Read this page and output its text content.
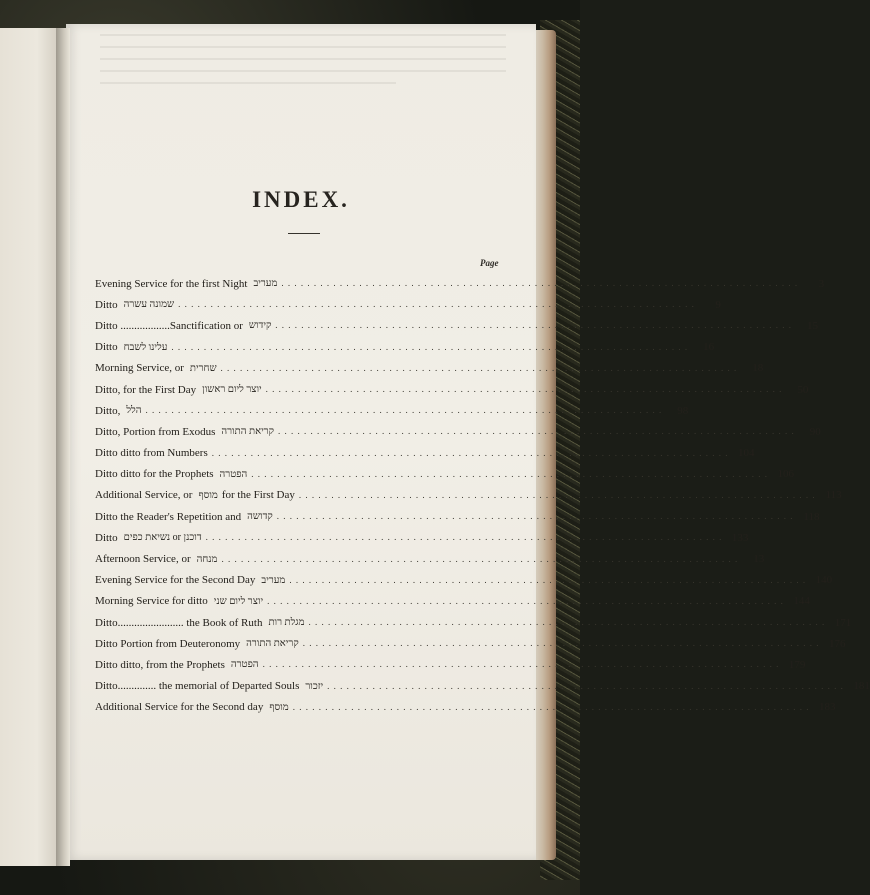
INDEX.
Page
Evening Service for the first Night מעריב . . . . . . . . . . . . . . . . . . . . . . . . . . . . . . . . . . . . . . . . . . . . . . . . . . . . . . . . . . . . . . . . . . . . . . . . . . . . . . . .	3
Ditto שמונה עשרה . . . . . . . . . . . . . . . . . . . . . . . . . . . . . . . . . . . . . . . . . . . . . . . . . . . . . . . . . . . . . . . . . . . . . . . . . . . . . . . .	9
Ditto ..................Sanctification or קידוש . . . . . . . . . . . . . . . . . . . . . . . . . . . . . . . . . . . . . . . . . . . . . . . . . . . . . . . . . . . . . . . . . . . . . . . . . . . . . . . .	15
Ditto עלינו לשבח . . . . . . . . . . . . . . . . . . . . . . . . . . . . . . . . . . . . . . . . . . . . . . . . . . . . . . . . . . . . . . . . . . . . . . . . . . . . . . . .	16
Morning Service, or שחרית . . . . . . . . . . . . . . . . . . . . . . . . . . . . . . . . . . . . . . . . . . . . . . . . . . . . . . . . . . . . . . . . . . . . . . . . . . . . . . . .	18
Ditto, for the First Day יוצר ליום ראשון . . . . . . . . . . . . . . . . . . . . . . . . . . . . . . . . . . . . . . . . . . . . . . . . . . . . . . . . . . . . . . . . . . . . . . . . . . . . . . . .	50
Ditto, הלל . . . . . . . . . . . . . . . . . . . . . . . . . . . . . . . . . . . . . . . . . . . . . . . . . . . . . . . . . . . . . . . . . . . . . . . . . . . . . . . .	98
Ditto, Portion from Exodus קריאת התורה . . . . . . . . . . . . . . . . . . . . . . . . . . . . . . . . . . . . . . . . . . . . . . . . . . . . . . . . . . . . . . . . . . . . . . . . . . . . . . . .	90
Ditto ditto from Numbers . . . . . . . . . . . . . . . . . . . . . . . . . . . . . . . . . . . . . . . . . . . . . . . . . . . . . . . . . . . . . . . . . . . . . . . . . . . . . . . . 104
Ditto ditto for the Prophets הפטרה . . . . . . . . . . . . . . . . . . . . . . . . . . . . . . . . . . . . . . . . . . . . . . . . . . . . . . . . . . . . . . . . . . . . . . . . . . . . . . . . 106
Additional Service, or מוסף for the First Day . . . . . . . . . . . . . . . . . . . . . . . . . . . . . . . . . . . . . . . . . . . . . . . . . . . . . . . . . . . . . . . . . . . . . . . . . . . . . . . . 113
Ditto the Reader's Repetition and קדושה . . . . . . . . . . . . . . . . . . . . . . . . . . . . . . . . . . . . . . . . . . . . . . . . . . . . . . . . . . . . . . . . . . . . . . . . . . . . . . . . 118
Ditto דוכנן or נשיאת כפים . . . . . . . . . . . . . . . . . . . . . . . . . . . . . . . . . . . . . . . . . . . . . . . . . . . . . . . . . . . . . . . . . . . . . . . . . . . . . . . . 133
Afternoon Service, or מנחה . . . . . . . . . . . . . . . . . . . . . . . . . . . . . . . . . . . . . . . . . . . . . . . . . . . . . . . . . . . . . . . . . . . . . . . . . . . . . . . .	13
Evening Service for the Second Day מעריב . . . . . . . . . . . . . . . . . . . . . . . . . . . . . . . . . . . . . . . . . . . . . . . . . . . . . . . . . . . . . . . . . . . . . . . . . . . . . . . . 140
Morning Service for ditto יוצר ליום שני . . . . . . . . . . . . . . . . . . . . . . . . . . . . . . . . . . . . . . . . . . . . . . . . . . . . . . . . . . . . . . . . . . . . . . . . . . . . . . . . 144
Ditto........................ the Book of Ruth מגלת רות . . . . . . . . . . . . . . . . . . . . . . . . . . . . . . . . . . . . . . . . . . . . . . . . . . . . . . . . . . . . . . . . . . . . . . . . . . . . . . . . 171
Ditto Portion from Deuteronomy קריאת התורה . . . . . . . . . . . . . . . . . . . . . . . . . . . . . . . . . . . . . . . . . . . . . . . . . . . . . . . . . . . . . . . . . . . . . . . . . . . . . . . . 176
Ditto ditto, from the Prophets הפטרה . . . . . . . . . . . . . . . . . . . . . . . . . . . . . . . . . . . . . . . . . . . . . . . . . . . . . . . . . . . . . . . . . . . . . . . . . . . . . . . . 179
Ditto.............. the memorial of Departed Souls יזכור . . . . . . . . . . . . . . . . . . . . . . . . . . . . . . . . . . . . . . . . . . . . . . . . . . . . . . . . . . . . . . . . . . . . . . . . . . . . . . . . 181
Additional Service for the Second day מוסף . . . . . . . . . . . . . . . . . . . . . . . . . . . . . . . . . . . . . . . . . . . . . . . . . . . . . . . . . . . . . . . . . . . . . . . . . . . . . . . . 183
